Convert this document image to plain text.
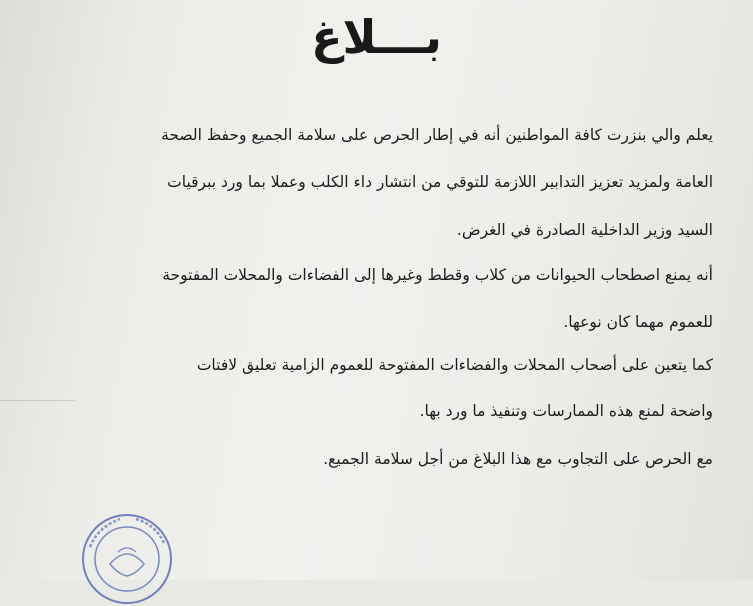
بـــلاغ
يعلم والي بنزرت كافة المواطنين أنه في إطار الحرص على سلامة الجميع وحفظ الصحة
العامة ولمزيد تعزيز التدابير اللازمة للتوقي من انتشار داء الكلب وعملا بما ورد ببرقيات
السيد وزير الداخلية الصادرة في الغرض.
أنه يمنع اصطحاب الحيوانات من كلاب وقطط وغيرها إلى الفضاءات والمحلات المفتوحة
للعموم مهما كان نوعها.
كما يتعين على أصحاب المحلات والفضاءات المفتوحة للعموم الزامية تعليق لافتات
واضحة لمنع هذه الممارسات وتنفيذ ما ورد بها.
مع الحرص على التجاوب مع هذا البلاغ من أجل سلامة الجميع.
